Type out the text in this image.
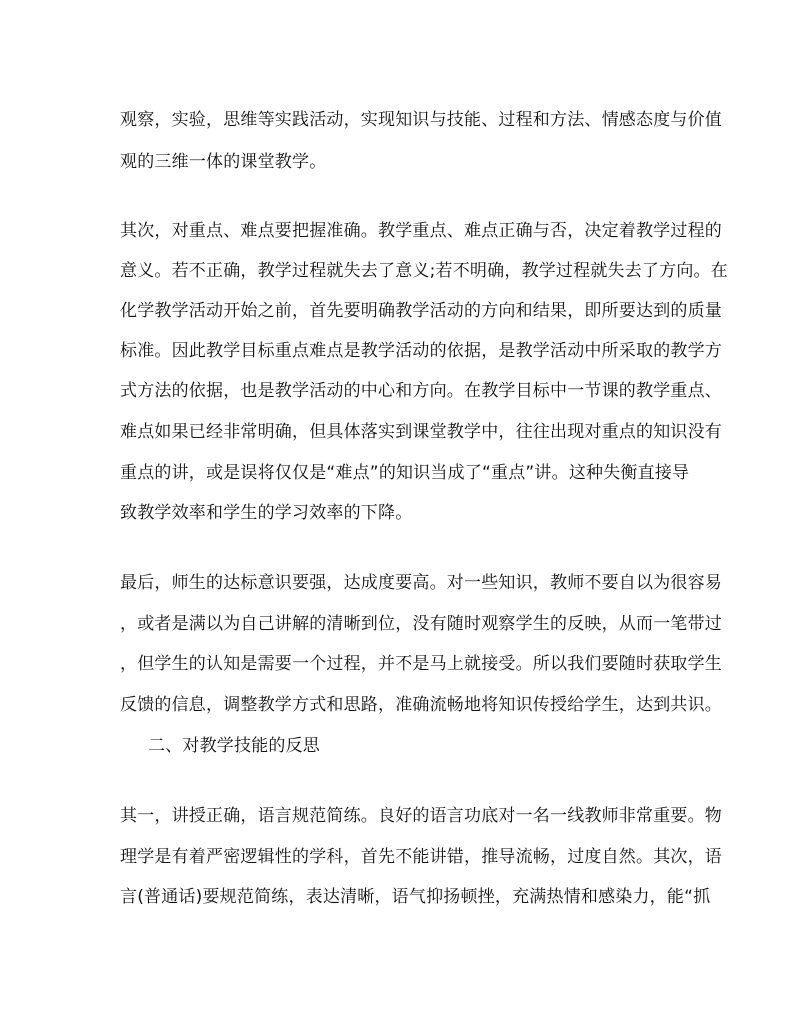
观察，实验，思维等实践活动，实现知识与技能、过程和方法、情感态度与价值
观的三维一体的课堂教学。
其次，对重点、难点要把握准确。教学重点、难点正确与否，决定着教学过程的
意义。若不正确，教学过程就失去了意义;若不明确，教学过程就失去了方向。在
化学教学活动开始之前，首先要明确教学活动的方向和结果，即所要达到的质量
标准。因此教学目标重点难点是教学活动的依据，是教学活动中所采取的教学方
式方法的依据，也是教学活动的中心和方向。在教学目标中一节课的教学重点、
难点如果已经非常明确，但具体落实到课堂教学中，往往出现对重点的知识没有
重点的讲，或是误将仅仅是“难点”的知识当成了“重点”讲。这种失衡直接导
致教学效率和学生的学习效率的下降。
最后，师生的达标意识要强，达成度要高。对一些知识，教师不要自以为很容易
，或者是满以为自己讲解的清晰到位，没有随时观察学生的反映，从而一笔带过
，但学生的认知是需要一个过程，并不是马上就接受。所以我们要随时获取学生
反馈的信息，调整教学方式和思路，准确流畅地将知识传授给学生，达到共识。
二、对教学技能的反思
其一，讲授正确，语言规范简练。良好的语言功底对一名一线教师非常重要。物
理学是有着严密逻辑性的学科，首先不能讲错，推导流畅，过度自然。其次，语
言(普通话)要规范简练，表达清晰，语气抑扬顿挫，充满热情和感染力，能“抓
